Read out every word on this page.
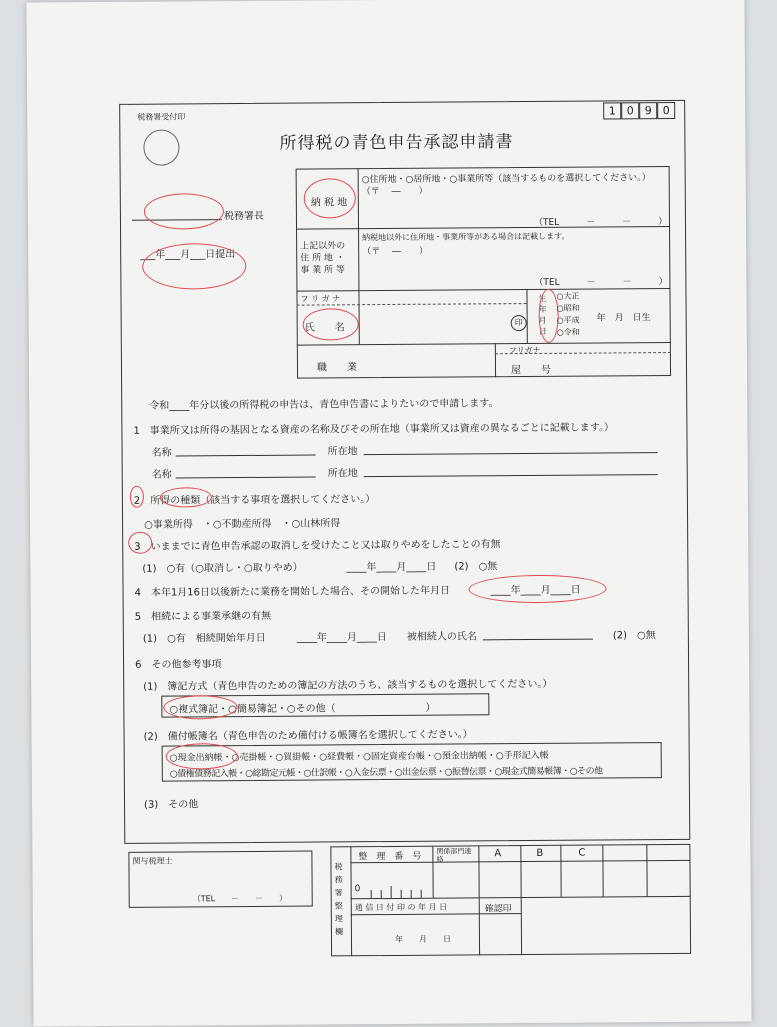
税務署受付印	1 0 9 0
所得税の青色申告承認申請書
税務署長
___年___月___日提出
納 税 地
○住所地・○居所地・○事業所等（該当するものを選択してください。）
（〒　 ―　　）
（TEL　　　－　　　－　　　）
上記以外の
住 所 地 ・
事 業 所 等
納税地以外に住所地・事業所等がある場合は記載します。
（〒　 ―　　）
（TEL　　　－　　　－　　　）
フ リ ガ ナ
氏　　名	印
生年月日
○大正
○昭和
○平成
○令和
年　月　日生
職　　業
フリガナ
屋　　号
令和____年分以後の所得税の申告は、青色申告書によりたいので申請します。
1　事業所又は所得の基因となる資産の名称及びその所在地（事業所又は資産の異なるごとに記載します。）
名称	所在地
名称	所在地
2　所得の種類（該当する事項を選択してください。）
○事業所得　・○不動産所得　・○山林所得
3　いままでに青色申告承認の取消しを受けたこと又は取りやめをしたことの有無
(1)　○有（○取消し・○取りやめ）	____年____月____日 (2)　○無
4　本年1月16日以後新たに業務を開始した場合、その開始した年月日	____年____月____日
5　相続による事業承継の有無
(1)　○有　相続開始年月日	____年____月____日 被相続人の氏名	(2)　○無
6　その他参考事項
(1)　簿記方式（青色申告のための簿記の方法のうち、該当するものを選択してください。）
○複式簿記・○簡易簿記・○その他（　　　　　　　　　）
(2)　備付帳簿名（青色申告のため備付ける帳簿名を選択してください。）
○現金出納帳・○売掛帳・○買掛帳・○経費帳・○固定資産台帳・○預金出納帳・○手形記入帳
○債権債務記入帳・○総勘定元帳・○仕訳帳・○入金伝票・○出金伝票・○振替伝票・○現金式簡易帳簿・○その他
(3)　その他
関与税理士
（TEL　　－　　－　　）
税務署整理欄
整　理　番　号
関係部門連絡
A	B	C
0
通 信 日 付 印 の 年 月 日	確認印
年　　月　　日
